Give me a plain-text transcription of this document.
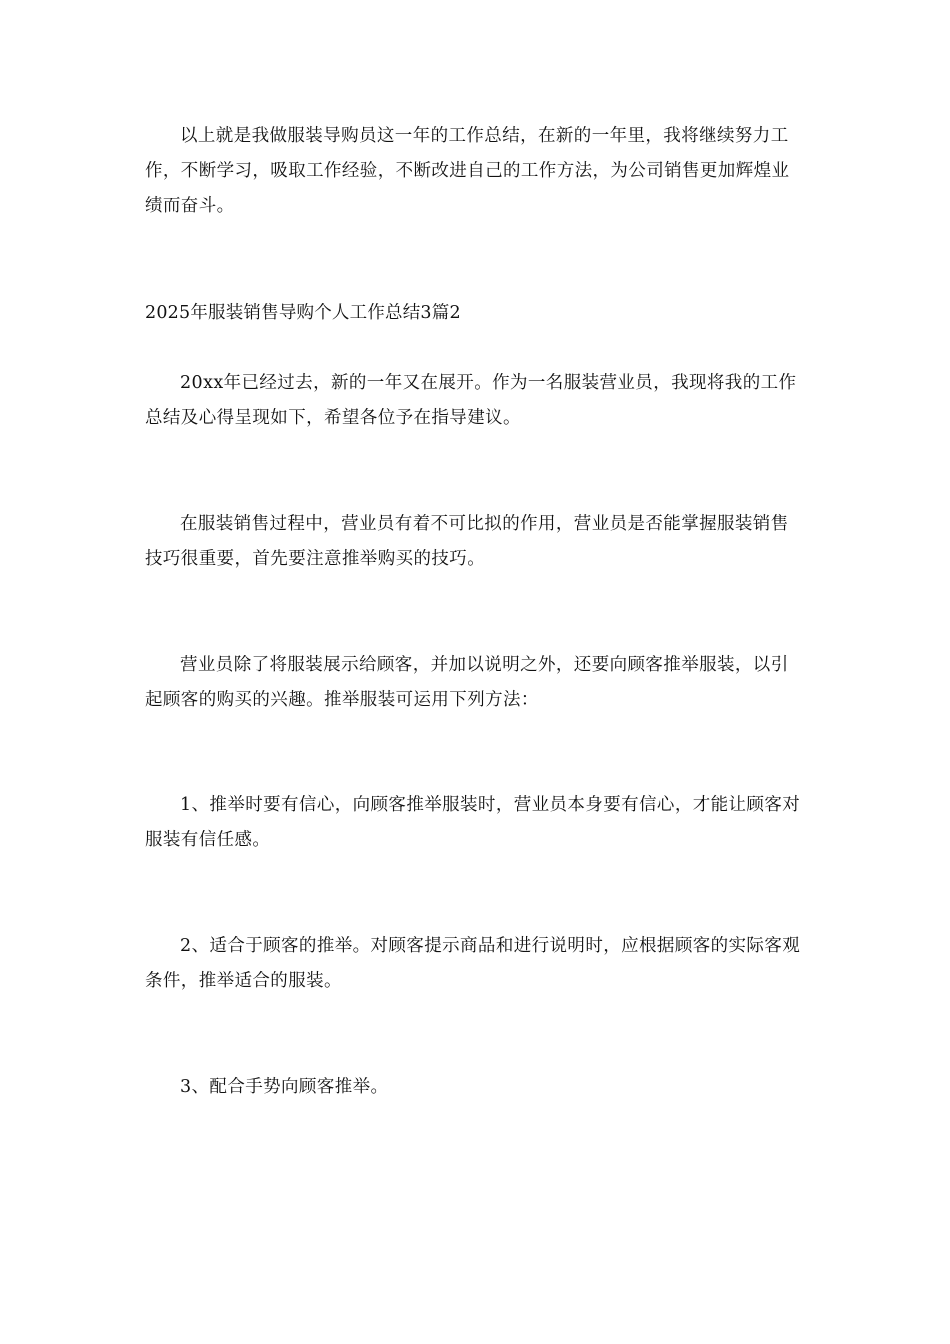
以上就是我做服装导购员这一年的工作总结，在新的一年里，我将继续努力工作，不断学习，吸取工作经验，不断改进自己的工作方法，为公司销售更加辉煌业绩而奋斗。

2025年服装销售导购个人工作总结3篇2

20xx年已经过去，新的一年又在展开。作为一名服装营业员，我现将我的工作总结及心得呈现如下，希望各位予在指导建议。

在服装销售过程中，营业员有着不可比拟的作用，营业员是否能掌握服装销售技巧很重要，首先要注意推举购买的技巧。

营业员除了将服装展示给顾客，并加以说明之外，还要向顾客推举服装，以引起顾客的购买的兴趣。推举服装可运用下列方法：

1、推举时要有信心，向顾客推举服装时，营业员本身要有信心，才能让顾客对服装有信任感。

2、适合于顾客的推举。对顾客提示商品和进行说明时，应根据顾客的实际客观条件，推举适合的服装。

3、配合手势向顾客推举。
